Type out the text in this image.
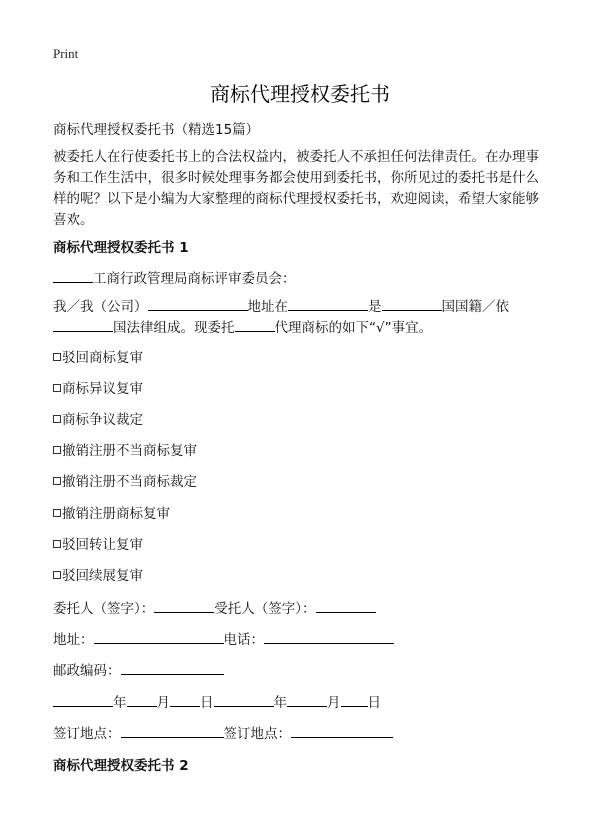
Print
商标代理授权委托书
商标代理授权委托书（精选15篇）
被委托人在行使委托书上的合法权益内，被委托人不承担任何法律责任。在办理事务和工作生活中，很多时候处理事务都会使用到委托书，你所见过的委托书是什么样的呢？以下是小编为大家整理的商标代理授权委托书，欢迎阅读，希望大家能够喜欢。
商标代理授权委托书 1
工商行政管理局商标评审委员会：
我／我（公司）	地址在	是	国国籍／依
国法律组成。现委托	代理商标的如下“√”事宜。
驳回商标复审
商标异议复审
商标争议裁定
撤销注册不当商标复审
撤销注册不当商标裁定
撤销注册商标复审
驳回转让复审
驳回续展复审
委托人（签字）：	受托人（签字）：
地址：	电话：
邮政编码：
年 月 日	年	月 日
签订地点：	签订地点：
商标代理授权委托书 2
